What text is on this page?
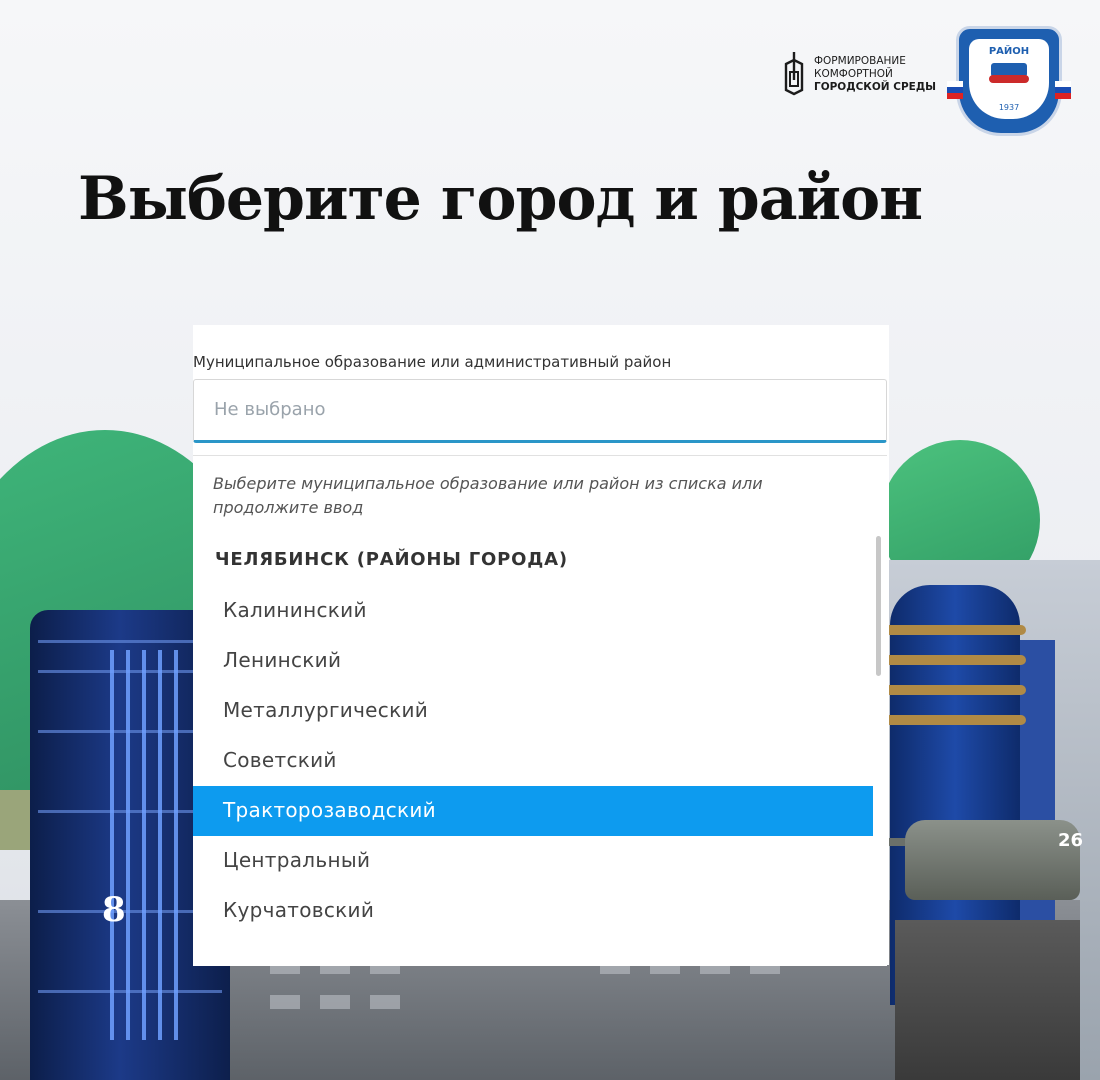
8
26
ФОРМИРОВАНИЕ
КОМФОРТНОЙ
ГОРОДСКОЙ СРЕДЫ
РАЙОН
1937
Выберите город и район
Муниципальное образование или административный район
Не выбрано
Выберите муниципальное образование или район из списка или продолжите ввод
ЧЕЛЯБИНСК (РАЙОНЫ ГОРОДА)
Калининский
Ленинский
Металлургический
Советский
Тракторозаводский
Центральный
Курчатовский
